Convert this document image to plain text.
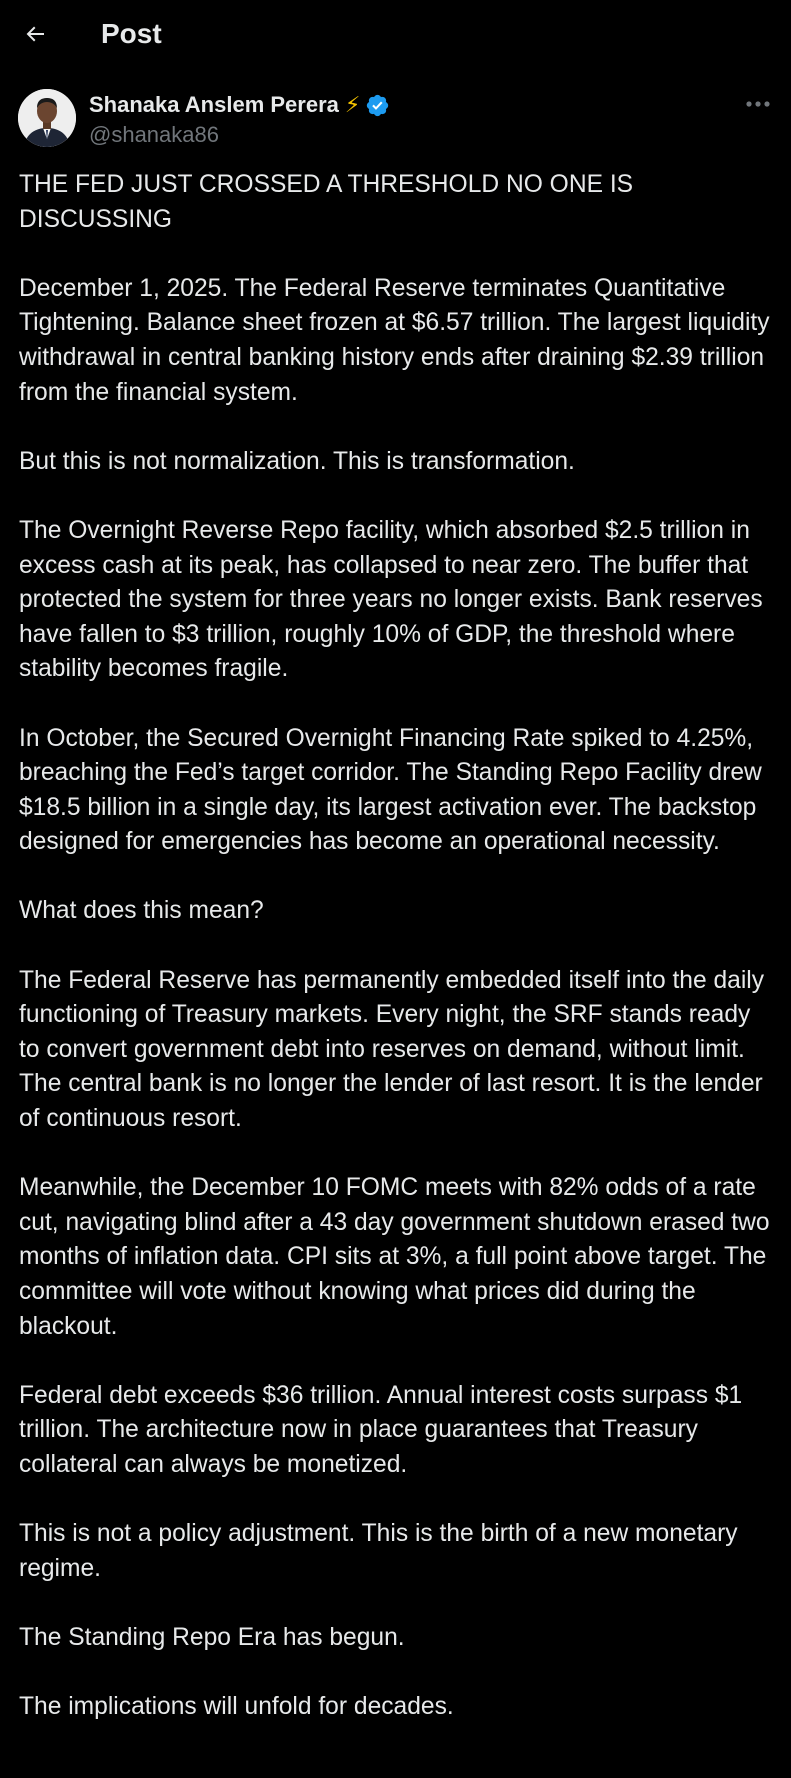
Post
Shanaka Anslem Perera ⚡
@shanaka86

THE FED JUST CROSSED A THRESHOLD NO ONE IS DISCUSSING

December 1, 2025. The Federal Reserve terminates Quantitative Tightening. Balance sheet frozen at $6.57 trillion. The largest liquidity withdrawal in central banking history ends after draining $2.39 trillion from the financial system.

But this is not normalization. This is transformation.

The Overnight Reverse Repo facility, which absorbed $2.5 trillion in excess cash at its peak, has collapsed to near zero. The buffer that protected the system for three years no longer exists. Bank reserves have fallen to $3 trillion, roughly 10% of GDP, the threshold where stability becomes fragile.

In October, the Secured Overnight Financing Rate spiked to 4.25%, breaching the Fed’s target corridor. The Standing Repo Facility drew $18.5 billion in a single day, its largest activation ever. The backstop designed for emergencies has become an operational necessity.

What does this mean?

The Federal Reserve has permanently embedded itself into the daily functioning of Treasury markets. Every night, the SRF stands ready to convert government debt into reserves on demand, without limit. The central bank is no longer the lender of last resort. It is the lender of continuous resort.

Meanwhile, the December 10 FOMC meets with 82% odds of a rate cut, navigating blind after a 43 day government shutdown erased two months of inflation data. CPI sits at 3%, a full point above target. The committee will vote without knowing what prices did during the blackout.

Federal debt exceeds $36 trillion. Annual interest costs surpass $1 trillion. The architecture now in place guarantees that Treasury collateral can always be monetized.

This is not a policy adjustment. This is the birth of a new monetary regime.

The Standing Repo Era has begun.

The implications will unfold for decades.
